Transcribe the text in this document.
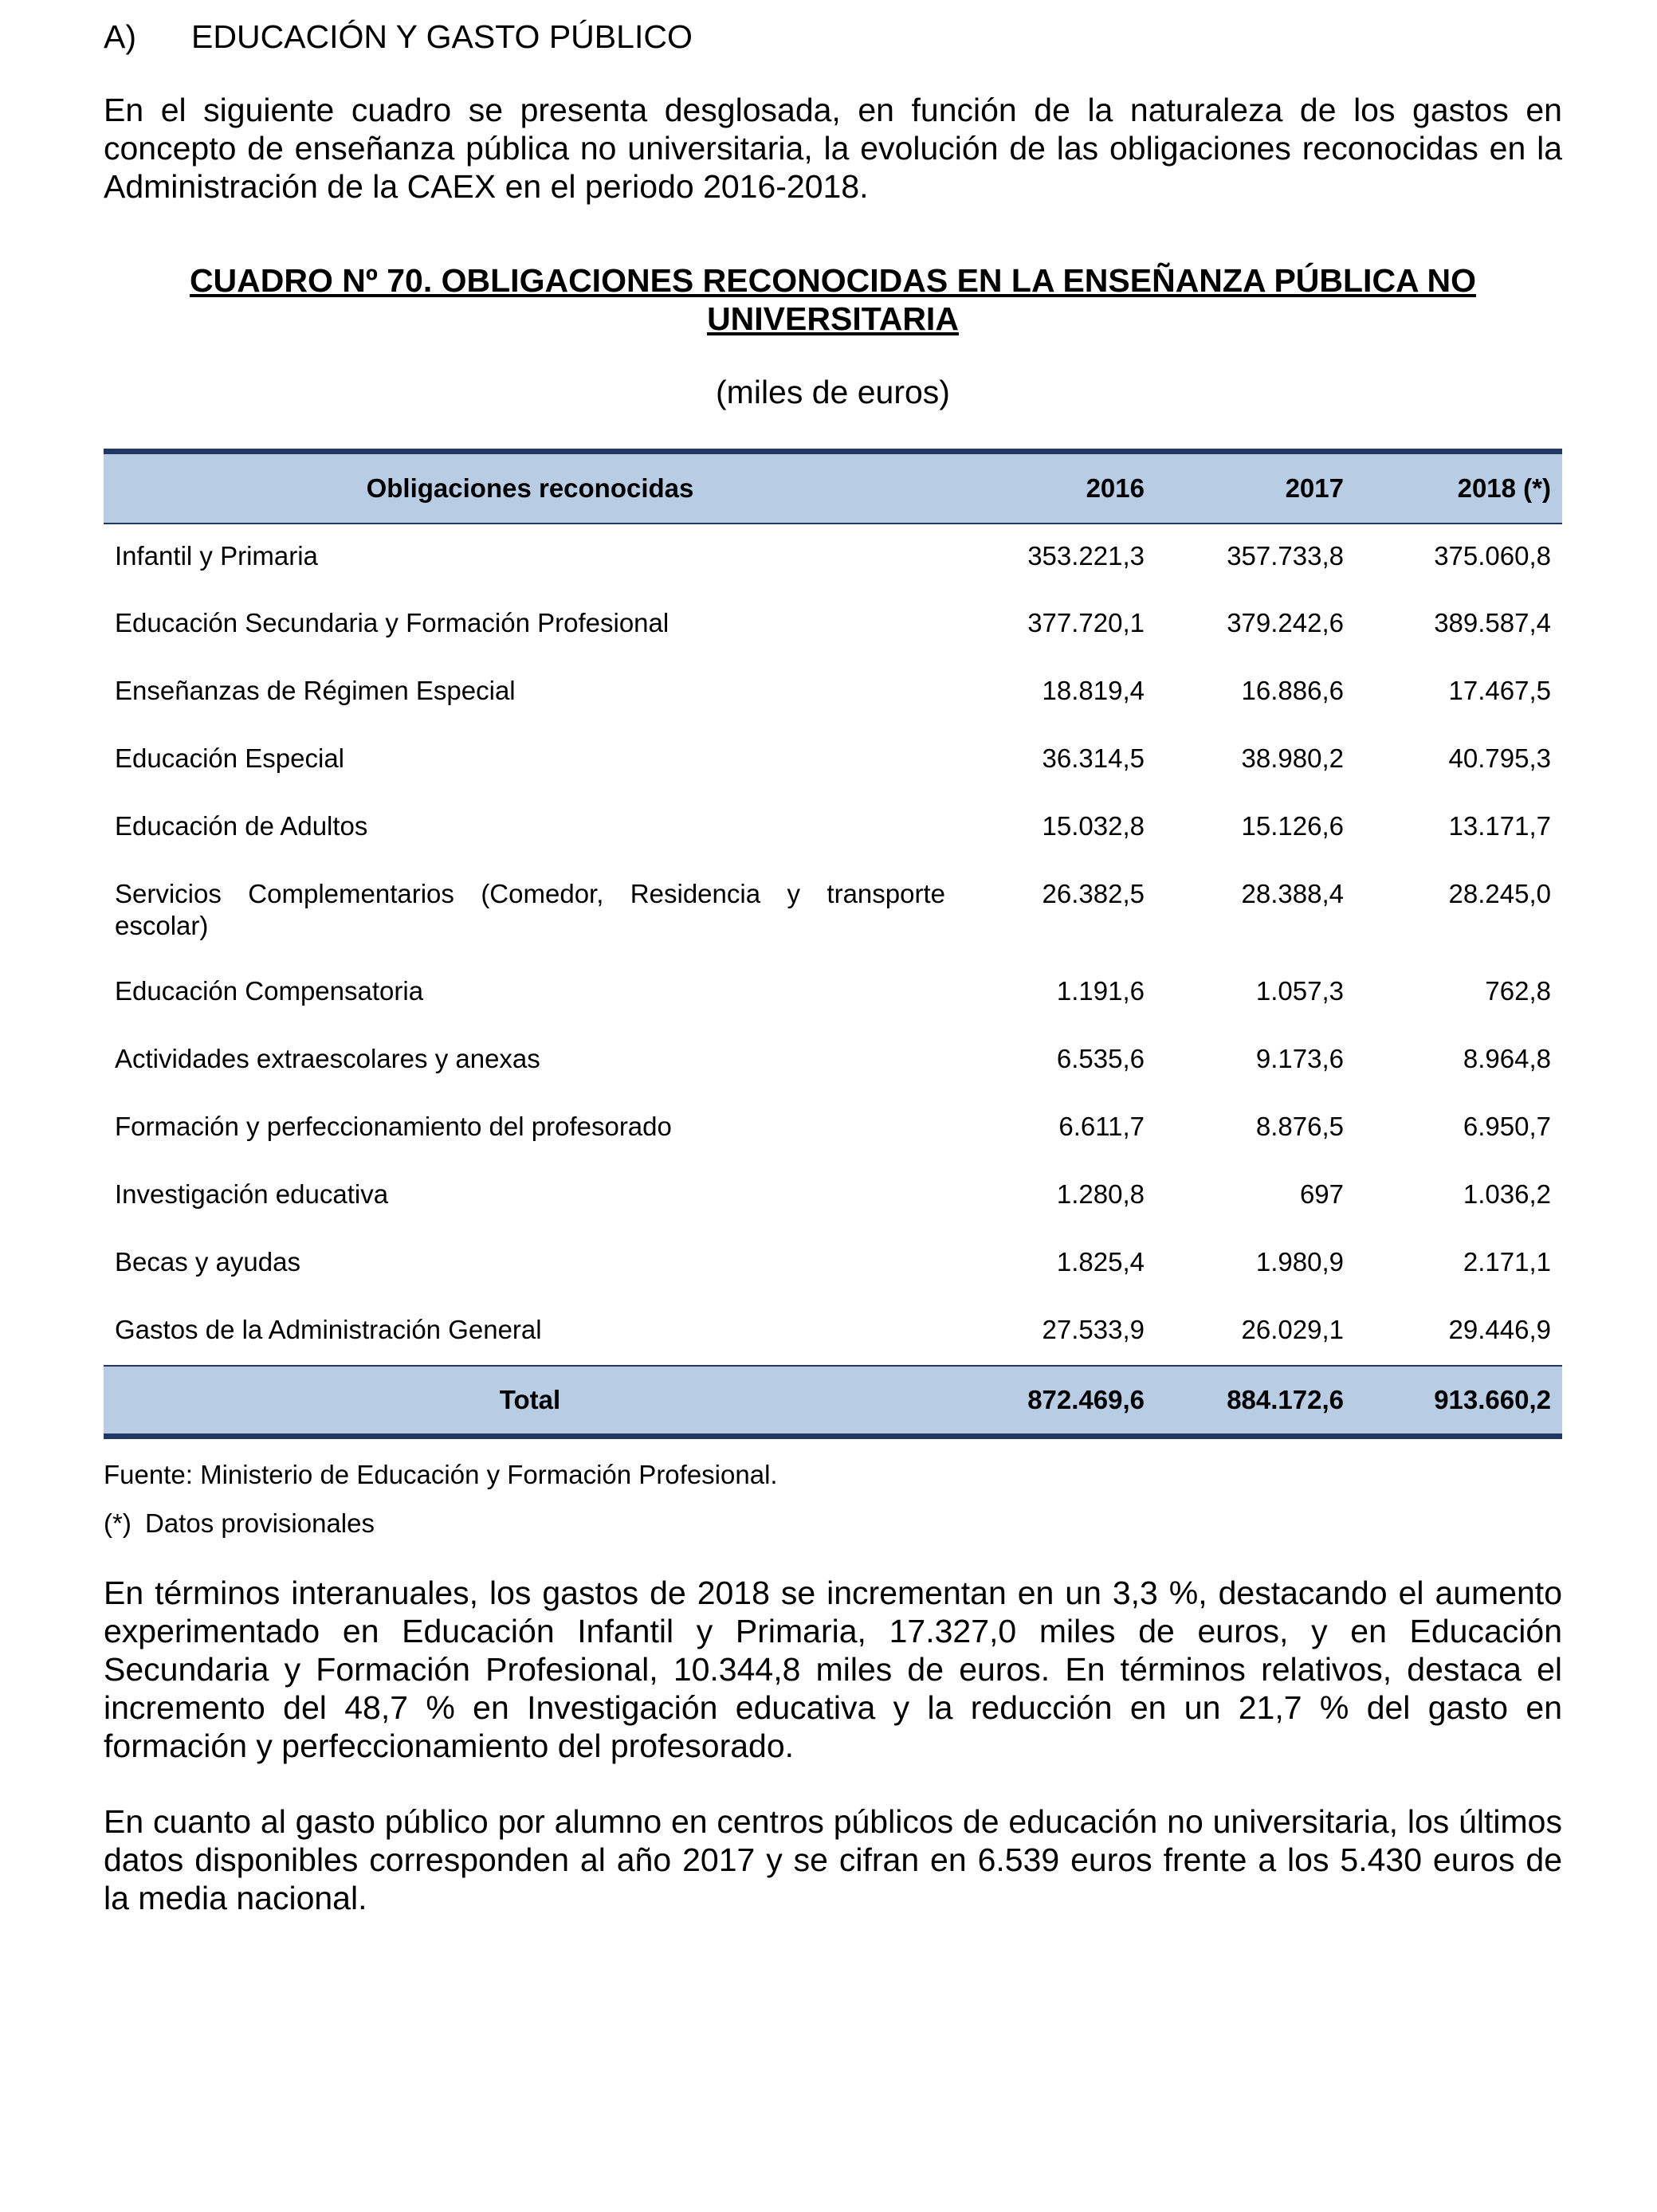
A) EDUCACIÓN Y GASTO PÚBLICO

En el siguiente cuadro se presenta desglosada, en función de la naturaleza de los gastos en concepto de enseñanza pública no universitaria, la evolución de las obligaciones reconocidas en la Administración de la CAEX en el periodo 2016-2018.

CUADRO Nº 70. OBLIGACIONES RECONOCIDAS EN LA ENSEÑANZA PÚBLICA NO
UNIVERSITARIA
(miles de euros)
Obligaciones reconocidas	2016	2017	2018 (*)
Infantil y Primaria	353.221,3	357.733,8	375.060,8
Educación Secundaria y Formación Profesional	377.720,1	379.242,6	389.587,4
Enseñanzas de Régimen Especial	18.819,4	16.886,6	17.467,5
Educación Especial	36.314,5	38.980,2	40.795,3
Educación de Adultos	15.032,8	15.126,6	13.171,7
Servicios Complementarios (Comedor, Residencia y transporte escolar)	26.382,5	28.388,4	28.245,0
Educación Compensatoria	1.191,6	1.057,3	762,8
Actividades extraescolares y anexas	6.535,6	9.173,6	8.964,8
Formación y perfeccionamiento del profesorado	6.611,7	8.876,5	6.950,7
Investigación educativa	1.280,8	697	1.036,2
Becas y ayudas	1.825,4	1.980,9	2.171,1
Gastos de la Administración General	27.533,9	26.029,1	29.446,9
Total	872.469,6	884.172,6	913.660,2
Fuente: Ministerio de Educación y Formación Profesional.
(*) Datos provisionales

En términos interanuales, los gastos de 2018 se incrementan en un 3,3 %, destacando el aumento experimentado en Educación Infantil y Primaria, 17.327,0 miles de euros, y en Educación Secundaria y Formación Profesional, 10.344,8 miles de euros. En términos relativos, destaca el incremento del 48,7 % en Investigación educativa y la reducción en un 21,7 % del gasto en formación y perfeccionamiento del profesorado.

En cuanto al gasto público por alumno en centros públicos de educación no universitaria, los últimos datos disponibles corresponden al año 2017 y se cifran en 6.539 euros frente a los 5.430 euros de la media nacional.
